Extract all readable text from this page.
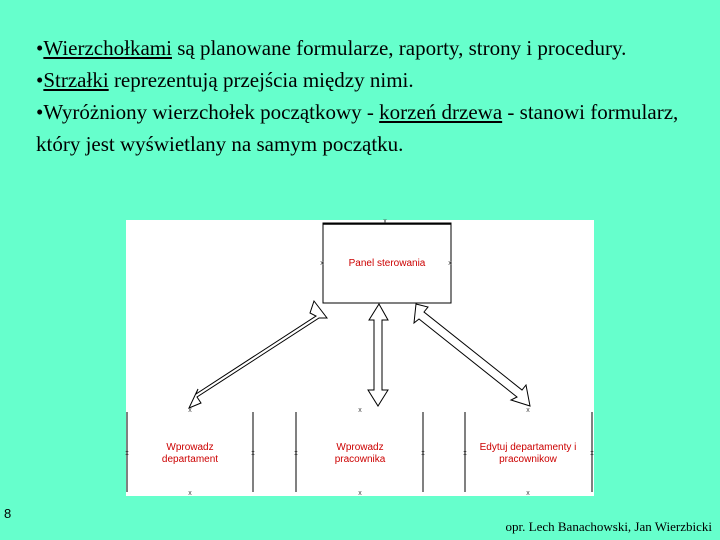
•Wierzchołkami są planowane formularze, raporty, strony i procedury.

•Strzałki reprezentują przejścia między nimi.

•Wyróżniony wierzchołek początkowy - korzeń drzewa - stanowi formularz, który jest wyświetlany na samym początku.

Panel sterowania
Wprowadz
departament
Wprowadz
pracownika
Edytuj departamenty i
pracownikow
x
x	x
x	x	x
x	x	x	x	x	x
x	x	x
8
opr. Lech Banachowski, Jan Wierzbicki
